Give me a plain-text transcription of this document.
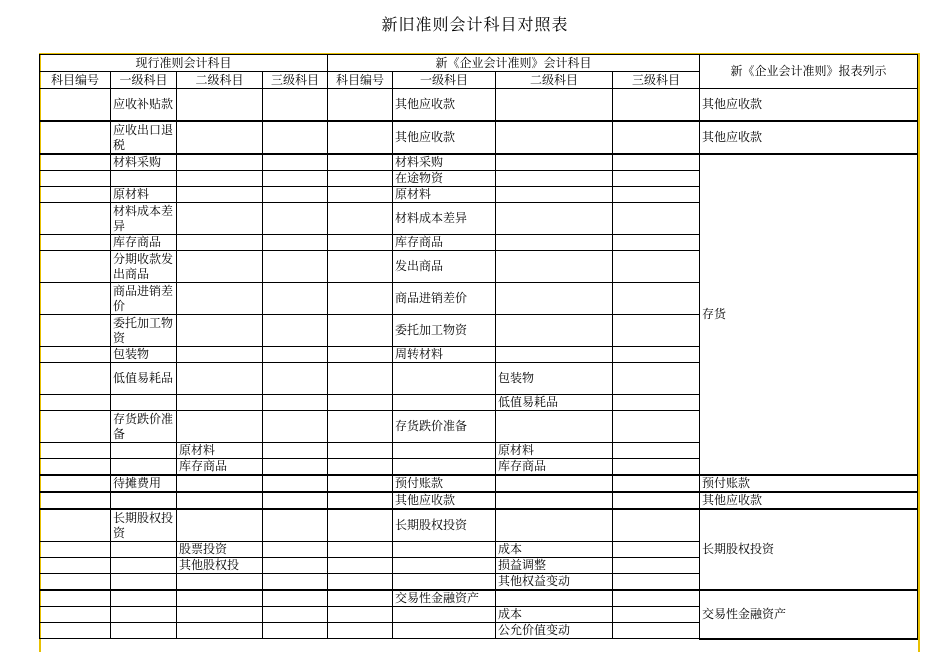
新旧准则会计科目对照表
现行准则会计科目				新《企业会计准则》会计科目				新《企业会计准则》报表列示
科目编号	一级科目	二级科目	三级科目	科目编号	一级科目	二级科目	三级科目	
	应收补贴款				其他应收款			其他应收款
	应收出口退税				其他应收款			其他应收款
	材料采购				材料采购			存货
					在途物资			
	原材料				原材料			
	材料成本差异				材料成本差异			
	库存商品				库存商品			
	分期收款发出商品				发出商品			
	商品进销差价				商品进销差价			
	委托加工物资				委托加工物资			
	包装物				周转材料			
	低值易耗品					包装物		
						低值易耗品		
	存货跌价准备				存货跌价准备			
		原材料				原材料		
		库存商品				库存商品		
	待摊费用				预付账款			预付账款
					其他应收款			其他应收款
	长期股权投资				长期股权投资			长期股权投资
		股票投资				成本		
		其他股权投				损益调整		
						其他权益变动		
					交易性金融资产			交易性金融资产
						成本		
						公允价值变动		
